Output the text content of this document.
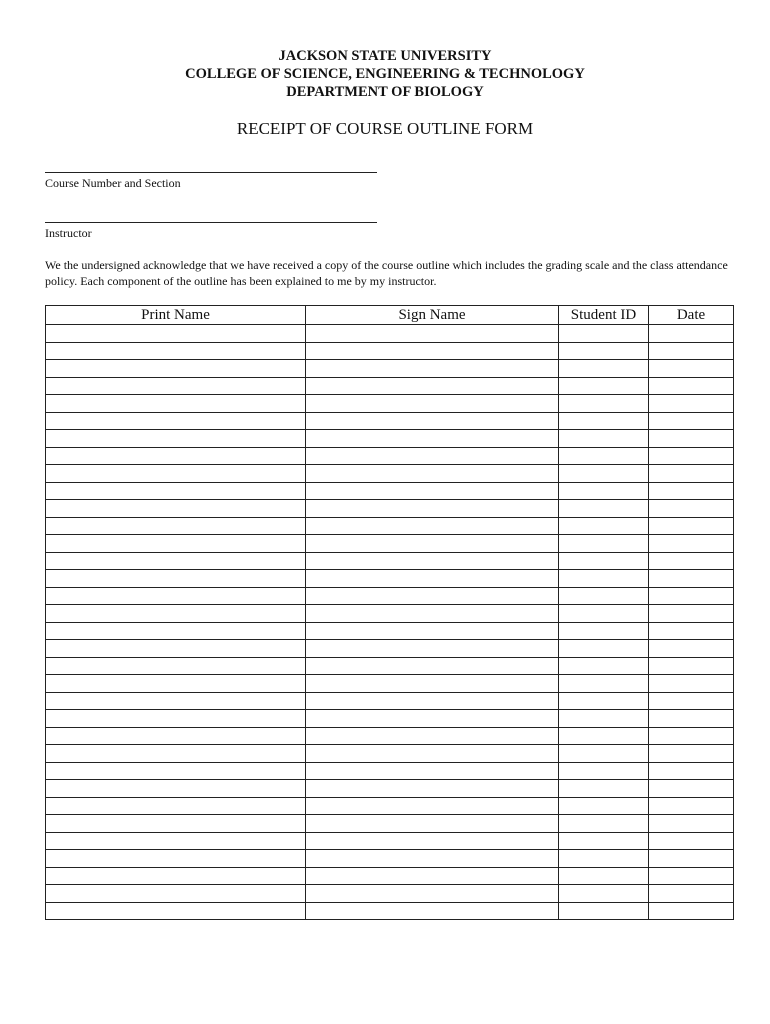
JACKSON STATE UNIVERSITY
COLLEGE OF SCIENCE, ENGINEERING & TECHNOLOGY
DEPARTMENT OF BIOLOGY
RECEIPT OF COURSE OUTLINE FORM
Course Number and Section
Instructor
We the undersigned acknowledge that we have received a copy of the course outline which includes the grading scale and the class attendance policy. Each component of the outline has been explained to me by my instructor.
Print Name	Sign Name	Student ID	Date
